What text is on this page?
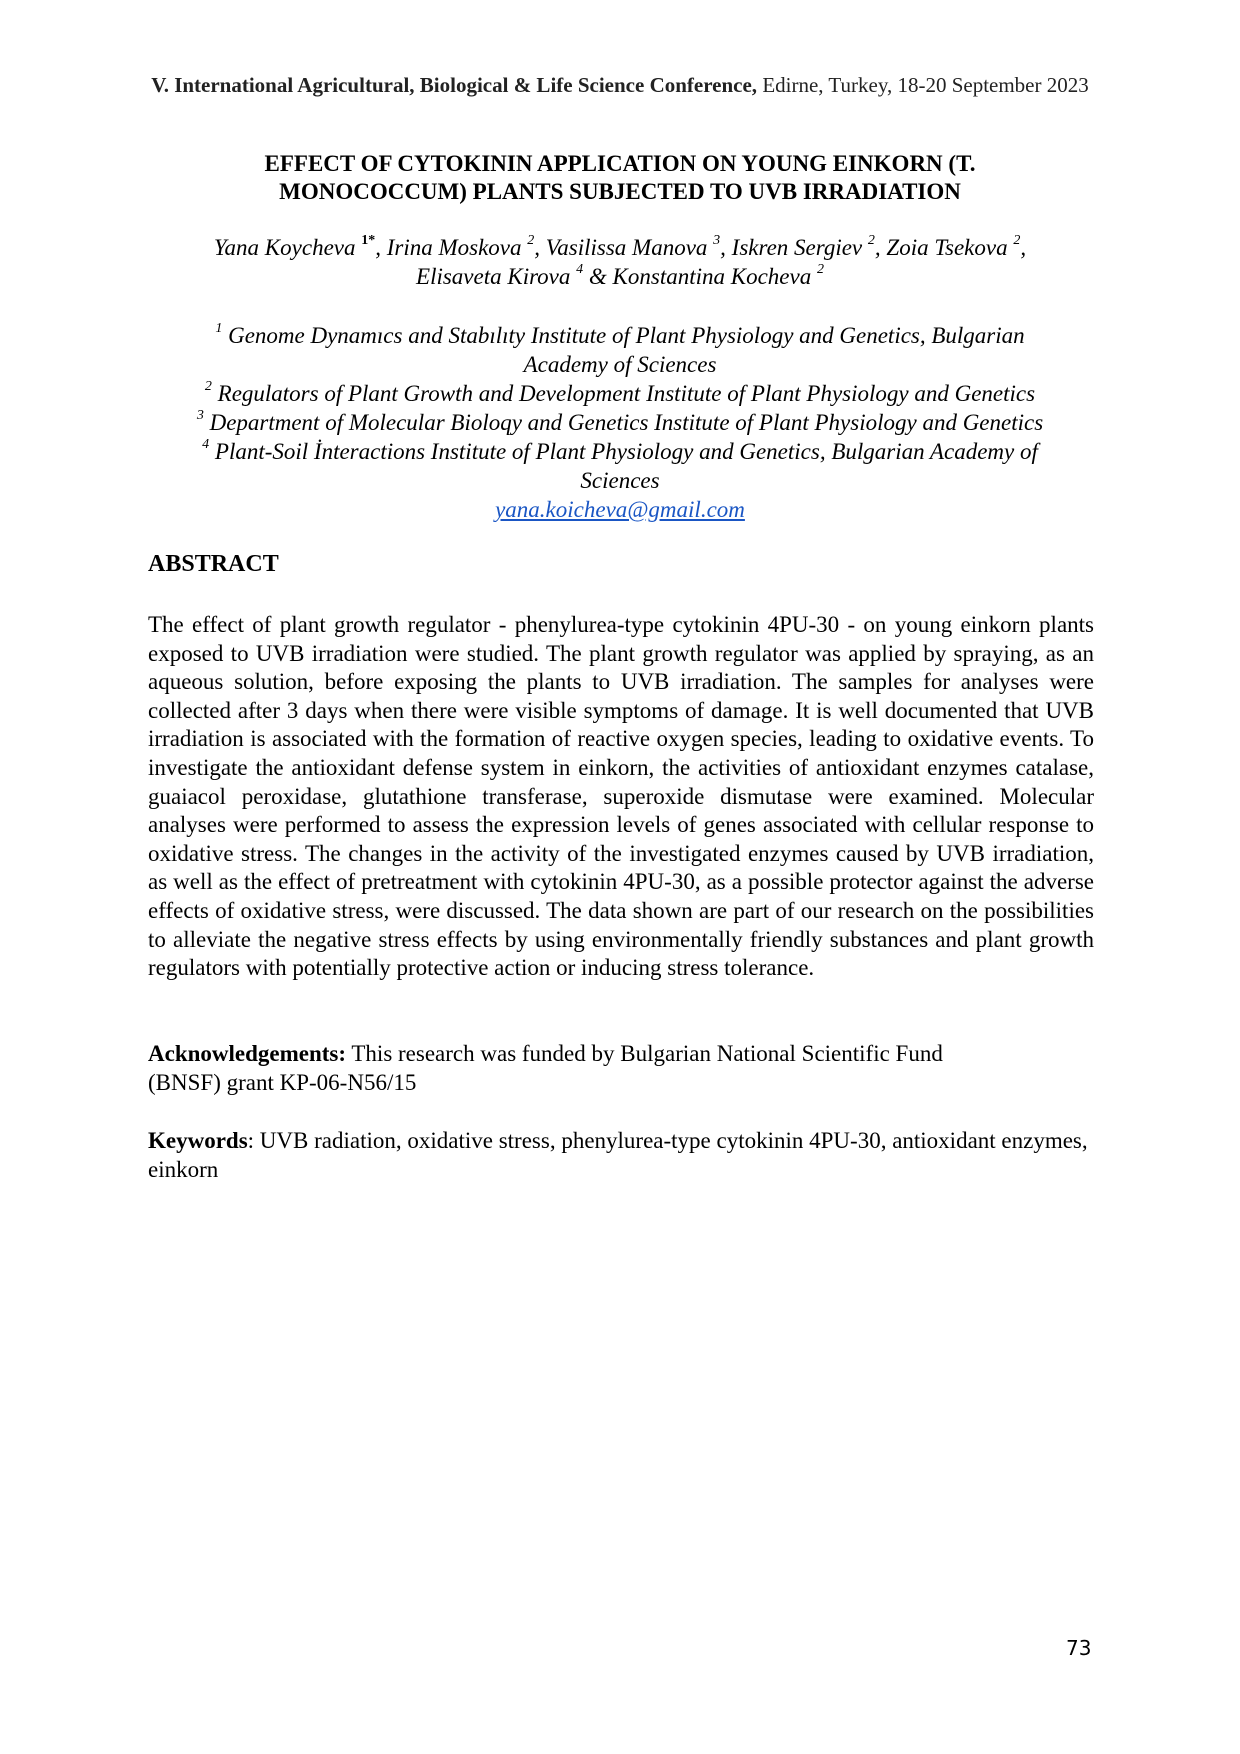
V. International Agricultural, Biological & Life Science Conference, Edirne, Turkey, 18-20 September 2023
EFFECT OF CYTOKININ APPLICATION ON YOUNG EINKORN (T.
MONOCOCCUM) PLANTS SUBJECTED TO UVB IRRADIATION
Yana Koycheva $^{1*}$, Irina Moskova $^2$, Vasilissa Manova $^3$, Iskren Sergiev $^2$, Zoia Tsekova $^2$,
Elisaveta Kirova $^4$ & Konstantina Kocheva $^2$
$^1$ Genome Dynamıcs and Stabılıty Institute of Plant Physiology and Genetics, Bulgarian
Academy of Sciences
$^2$ Regulators of Plant Growth and Development Institute of Plant Physiology and Genetics
$^3$ Department of Molecular Bioloqy and Genetics Institute of Plant Physiology and Genetics
$^4$ Plant-Soil İnteractions Institute of Plant Physiology and Genetics, Bulgarian Academy of
Sciences
yana.koicheva@gmail.com
ABSTRACT
The effect of plant growth regulator - phenylurea-type cytokinin 4PU-30 - on young einkorn plants exposed to UVB irradiation were studied. The plant growth regulator was applied by spraying, as an aqueous solution, before exposing the plants to UVB irradiation. The samples for analyses were collected after 3 days when there were visible symptoms of damage. It is well documented that UVB irradiation is associated with the formation of reactive oxygen species, leading to oxidative events. To investigate the antioxidant defense system in einkorn, the activities of antioxidant enzymes catalase, guaiacol peroxidase, glutathione transferase, superoxide dismutase were examined. Molecular analyses were performed to assess the expression levels of genes associated with cellular response to oxidative stress. The changes in the activity of the investigated enzymes caused by UVB irradiation, as well as the effect of pretreatment with cytokinin 4PU-30, as a possible protector against the adverse effects of oxidative stress, were discussed. The data shown are part of our research on the possibilities to alleviate the negative stress effects by using environmentally friendly substances and plant growth regulators with potentially protective action or inducing stress tolerance.
Acknowledgements: This research was funded by Bulgarian National Scientific Fund
(BNSF) grant KP-06-N56/15
Keywords: UVB radiation, oxidative stress, phenylurea-type cytokinin 4PU-30, antioxidant enzymes, einkorn
73
